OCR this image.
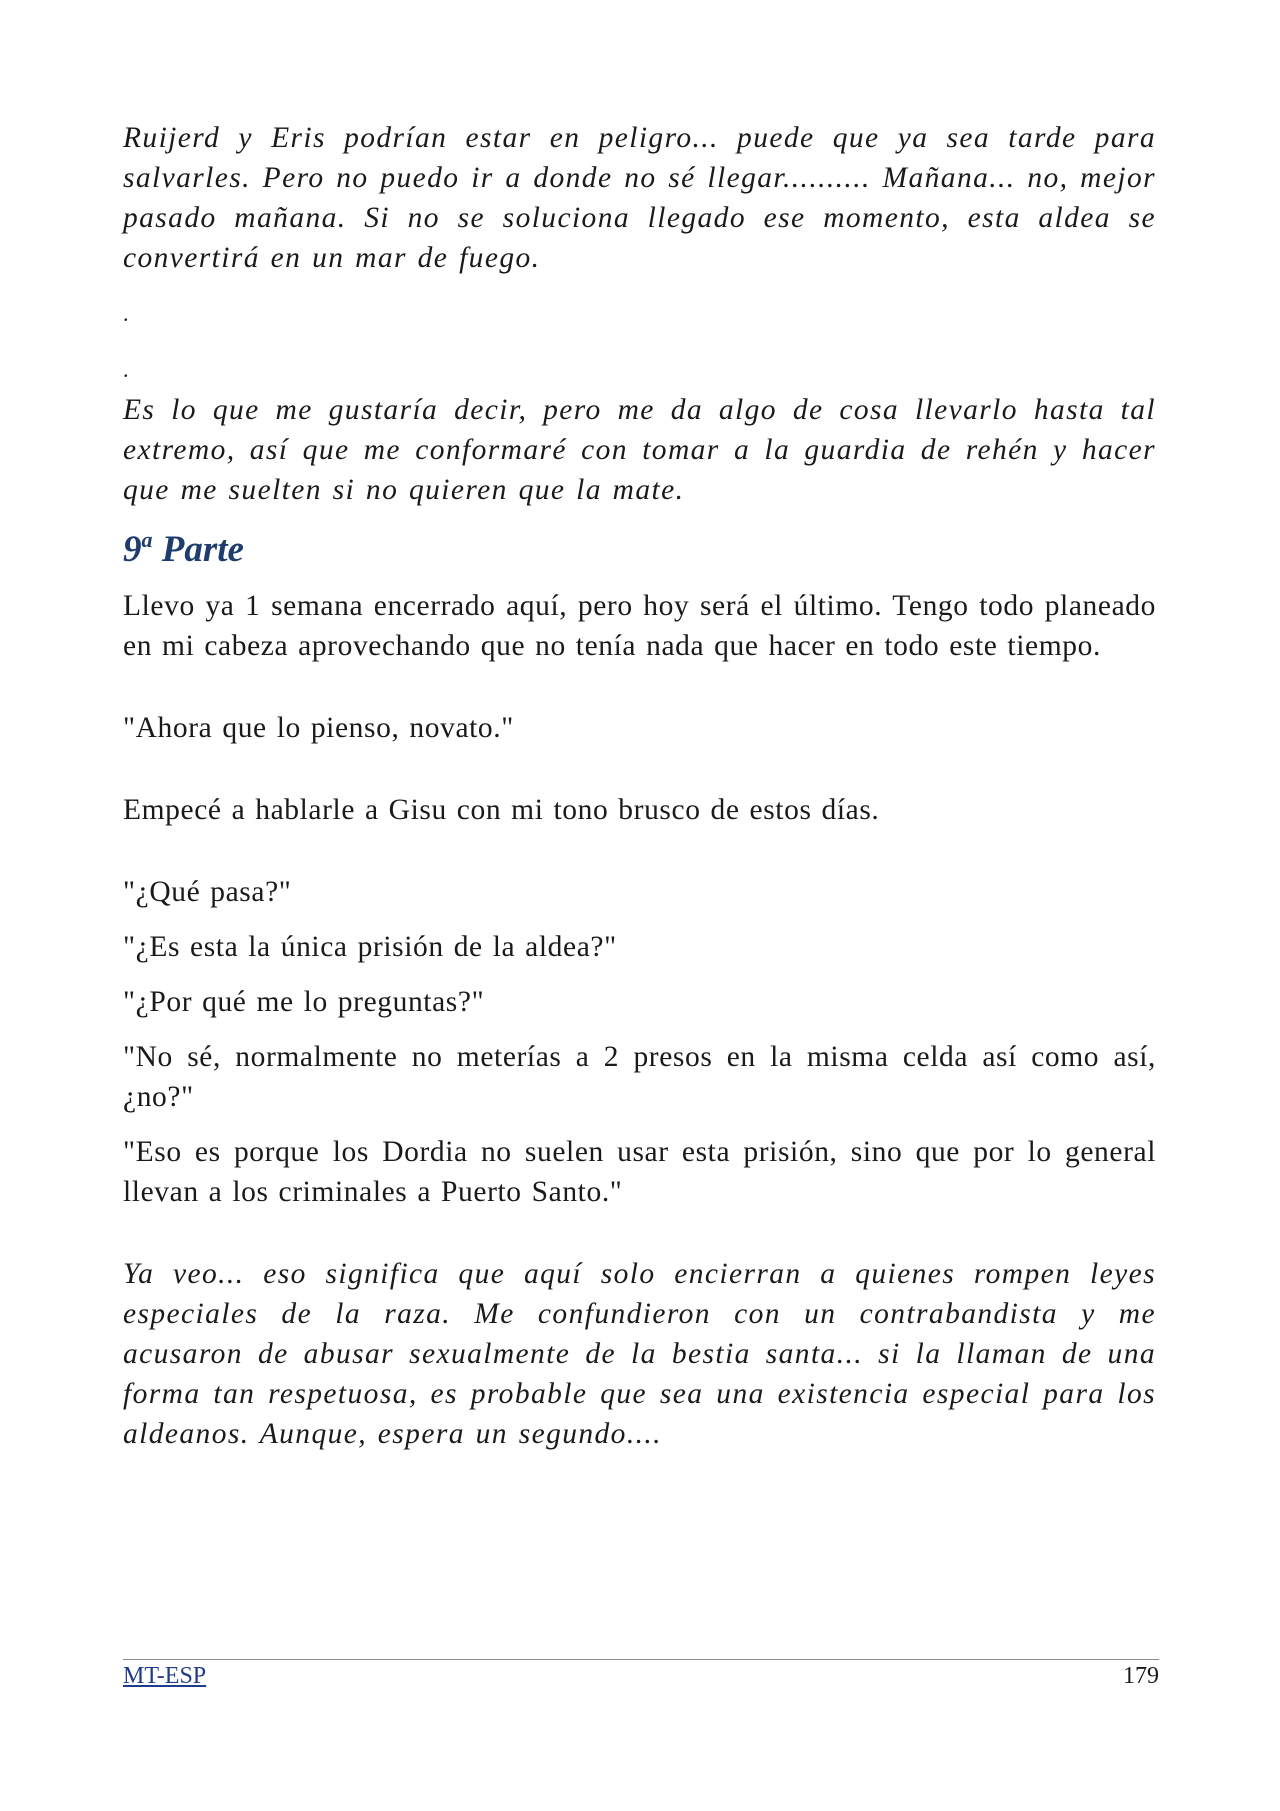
Ruijerd y Eris podrían estar en peligro... puede que ya sea tarde para salvarles. Pero no puedo ir a donde no sé llegar.......... Mañana... no, mejor pasado mañana. Si no se soluciona llegado ese momento, esta aldea se convertirá en un mar de fuego.

.

.

Es lo que me gustaría decir, pero me da algo de cosa llevarlo hasta tal extremo, así que me conformaré con tomar a la guardia de rehén y hacer que me suelten si no quieren que la mate.

9$^a$ Parte

Llevo ya 1 semana encerrado aquí, pero hoy será el último. Tengo todo planeado en mi cabeza aprovechando que no tenía nada que hacer en todo este tiempo.

"Ahora que lo pienso, novato."

Empecé a hablarle a Gisu con mi tono brusco de estos días.

"¿Qué pasa?"

"¿Es esta la única prisión de la aldea?"

"¿Por qué me lo preguntas?"

"No sé, normalmente no meterías a 2 presos en la misma celda así como así, ¿no?"

"Eso es porque los Dordia no suelen usar esta prisión, sino que por lo general llevan a los criminales a Puerto Santo."

Ya veo... eso significa que aquí solo encierran a quienes rompen leyes especiales de la raza. Me confundieron con un contrabandista y me acusaron de abusar sexualmente de la bestia santa... si la llaman de una forma tan respetuosa, es probable que sea una existencia especial para los aldeanos. Aunque, espera un segundo....

MT-ESP	179
